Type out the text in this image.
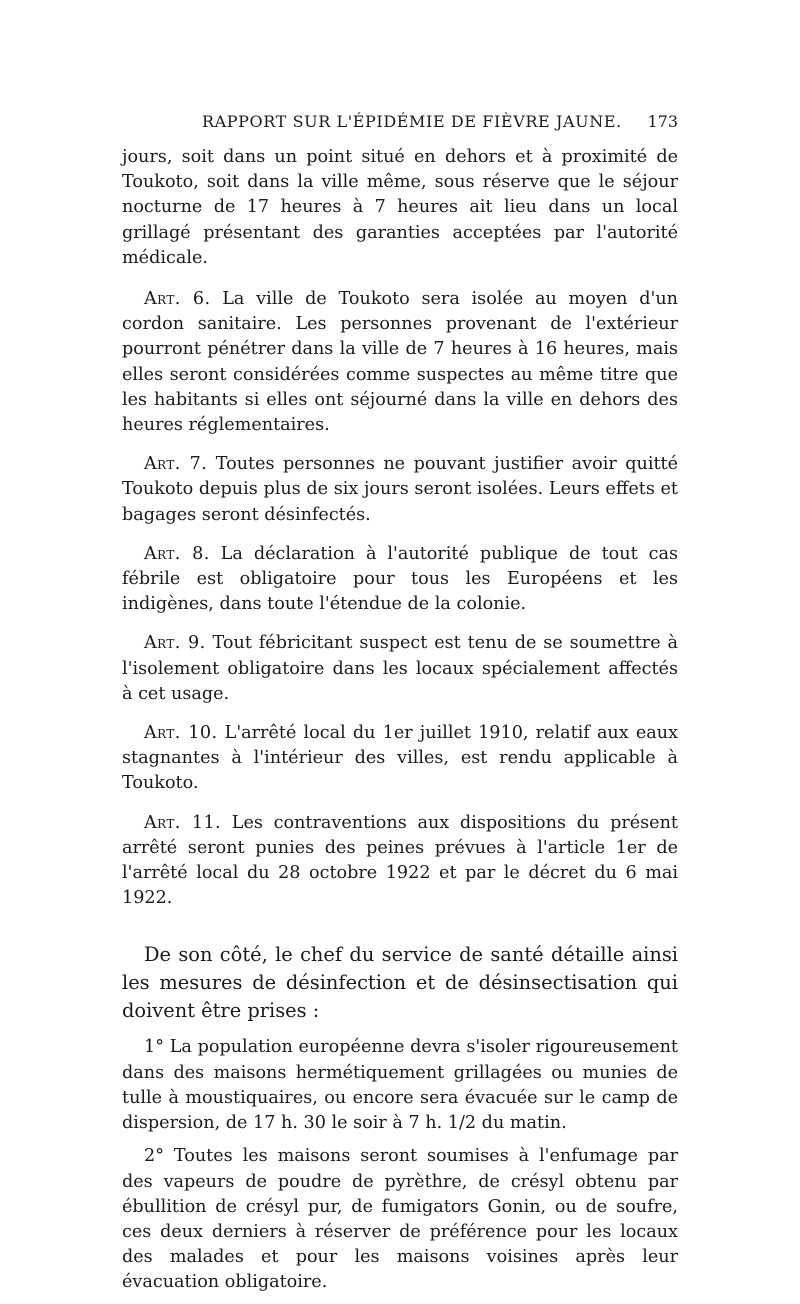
RAPPORT SUR L'ÉPIDÉMIE DE FIÈVRE JAUNE. 173

jours, soit dans un point situé en dehors et à proximité de Toukoto, soit dans la ville même, sous réserve que le séjour nocturne de 17 heures à 7 heures ait lieu dans un local grillagé présentant des garanties acceptées par l'autorité médicale.

Art. 6. La ville de Toukoto sera isolée au moyen d'un cordon sanitaire. Les personnes provenant de l'extérieur pourront pénétrer dans la ville de 7 heures à 16 heures, mais elles seront considérées comme suspectes au même titre que les habitants si elles ont séjourné dans la ville en dehors des heures réglementaires.

Art. 7. Toutes personnes ne pouvant justifier avoir quitté Toukoto depuis plus de six jours seront isolées. Leurs effets et bagages seront désinfectés.

Art. 8. La déclaration à l'autorité publique de tout cas fébrile est obligatoire pour tous les Européens et les indigènes, dans toute l'étendue de la colonie.

Art. 9. Tout fébricitant suspect est tenu de se soumettre à l'isolement obligatoire dans les locaux spécialement affectés à cet usage.

Art. 10. L'arrêté local du 1er juillet 1910, relatif aux eaux stagnantes à l'intérieur des villes, est rendu applicable à Toukoto.

Art. 11. Les contraventions aux dispositions du présent arrêté seront punies des peines prévues à l'article 1er de l'arrêté local du 28 octobre 1922 et par le décret du 6 mai 1922.

De son côté, le chef du service de santé détaille ainsi les mesures de désinfection et de désinsectisation qui doivent être prises :

1° La population européenne devra s'isoler rigoureusement dans des maisons hermétiquement grillagées ou munies de tulle à moustiquaires, ou encore sera évacuée sur le camp de dispersion, de 17 h. 30 le soir à 7 h. 1/2 du matin.

2° Toutes les maisons seront soumises à l'enfumage par des vapeurs de poudre de pyrèthre, de crésyl obtenu par ébullition de crésyl pur, de fumigators Gonin, ou de soufre, ces deux derniers à réserver de préférence pour les locaux des malades et pour les maisons voisines après leur évacuation obligatoire.
